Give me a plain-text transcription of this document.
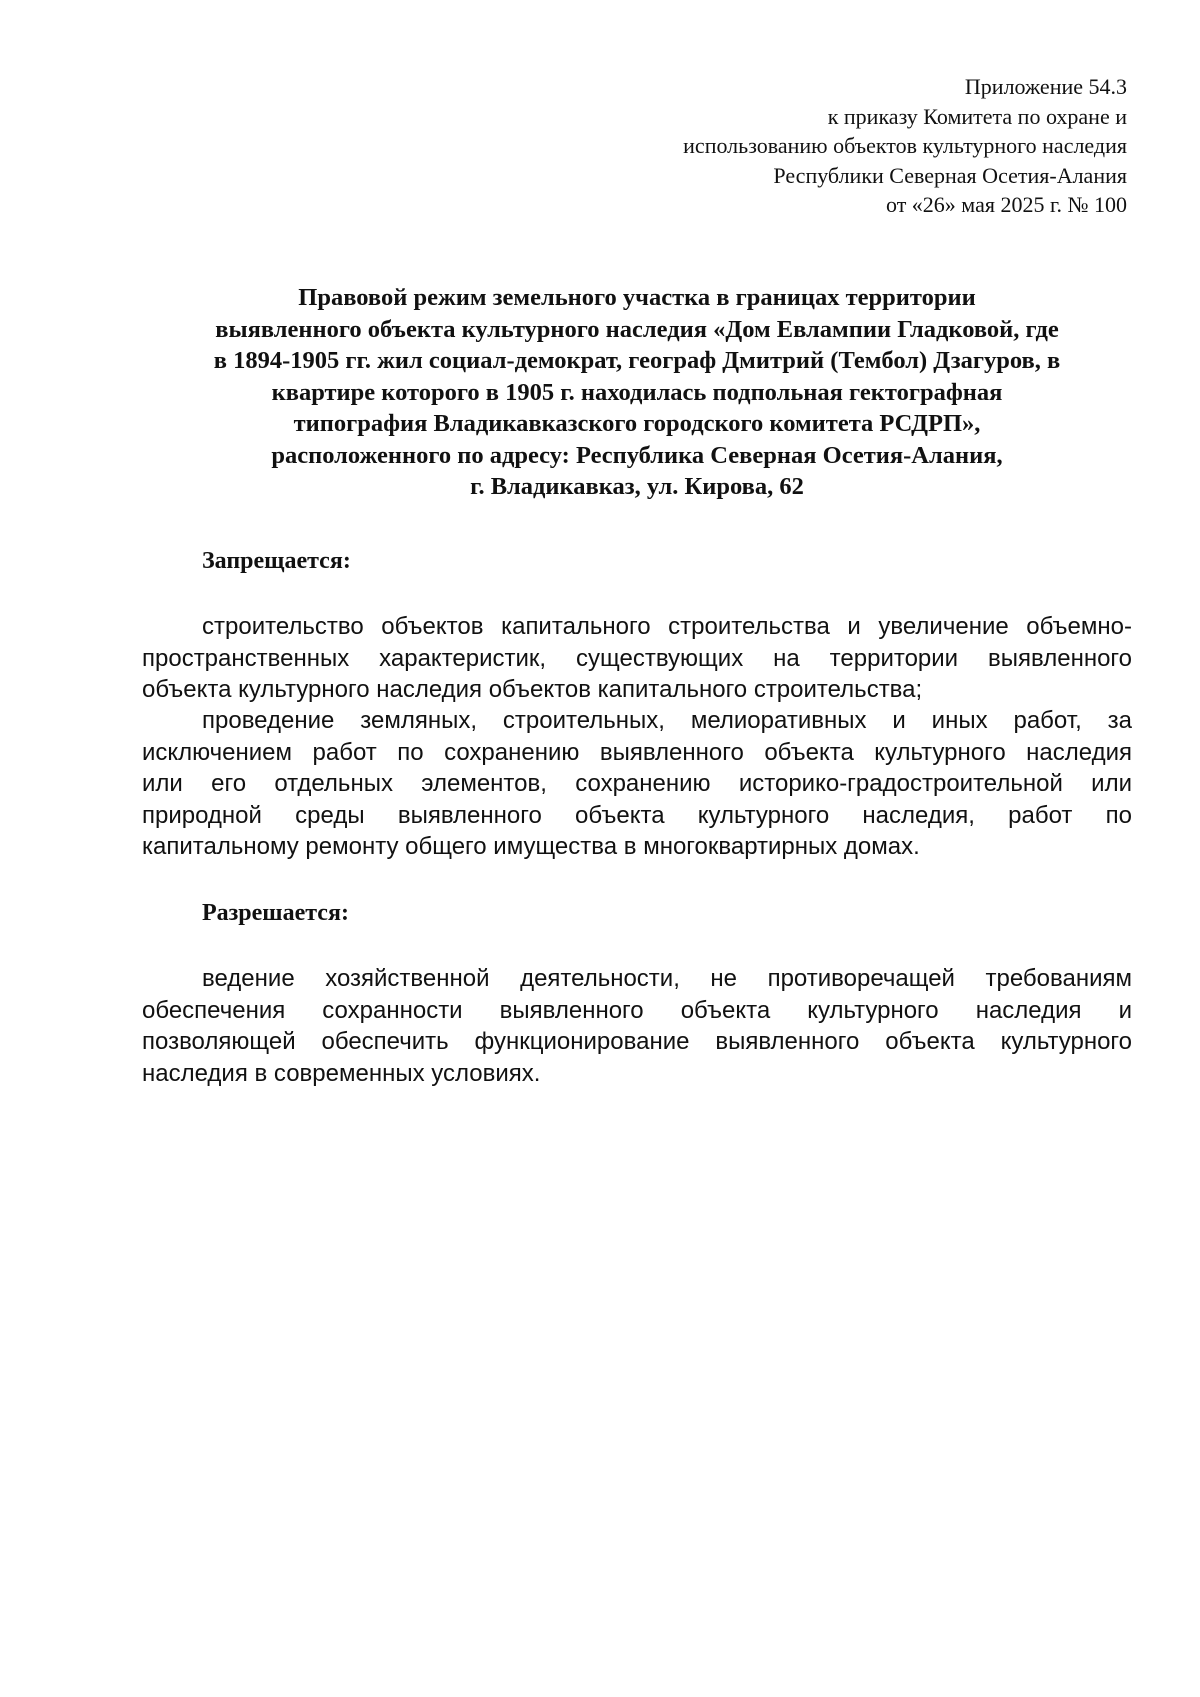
Приложение 54.3
к приказу Комитета по охране и
использованию объектов культурного наследия
Республики Северная Осетия-Алания
от «26» мая 2025 г. № 100
Правовой режим земельного участка в границах территории
выявленного объекта культурного наследия «Дом Евлампии Гладковой, где
в 1894-1905 гг. жил социал-демократ, географ Дмитрий (Тембол) Дзагуров, в
квартире которого в 1905 г. находилась подпольная гектографная
типография Владикавказского городского комитета РСДРП»,
расположенного по адресу: Республика Северная Осетия-Алания,
г. Владикавказ, ул. Кирова, 62
Запрещается:
строительство объектов капитального строительства и увеличение объемно-
пространственных характеристик, существующих на территории выявленного
объекта культурного наследия объектов капитального строительства;
проведение земляных, строительных, мелиоративных и иных работ, за
исключением работ по сохранению выявленного объекта культурного наследия
или его отдельных элементов, сохранению историко-градостроительной или
природной среды выявленного объекта культурного наследия, работ по
капитальному ремонту общего имущества в многоквартирных домах.
Разрешается:
ведение хозяйственной деятельности, не противоречащей требованиям
обеспечения сохранности выявленного объекта культурного наследия и
позволяющей обеспечить функционирование выявленного объекта культурного
наследия в современных условиях.
